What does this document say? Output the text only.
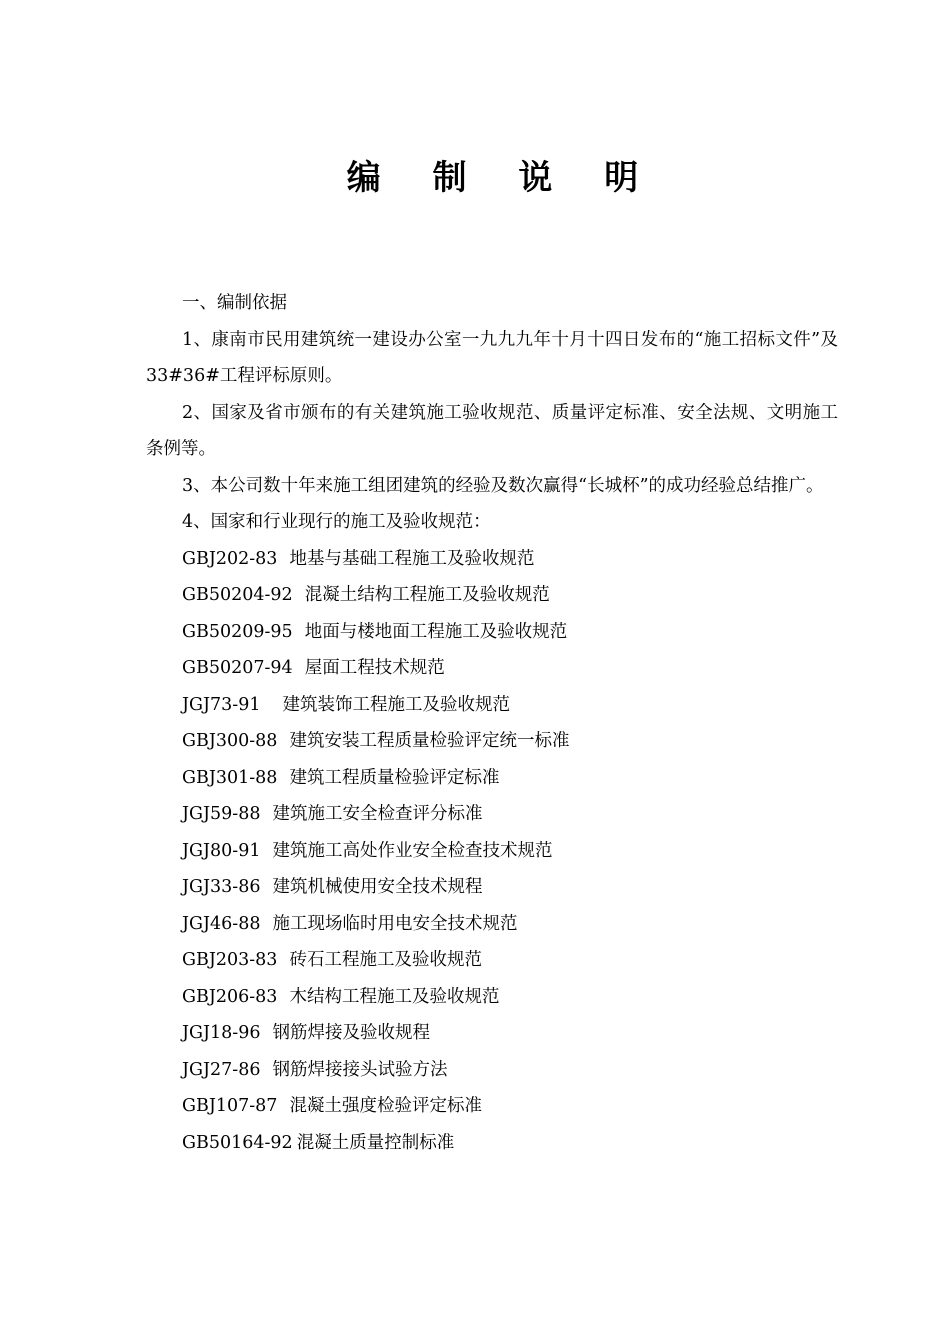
编 制 说 明

一、编制依据

1、康南市民用建筑统一建设办公室一九九九年十月十四日发布的“施工招标文件”及33#36#工程评标原则。

2、国家及省市颁布的有关建筑施工验收规范、质量评定标准、安全法规、文明施工条例等。

3、本公司数十年来施工组团建筑的经验及数次赢得“长城杯”的成功经验总结推广。

4、国家和行业现行的施工及验收规范：

GBJ202-83 地基与基础工程施工及验收规范
GB50204-92 混凝土结构工程施工及验收规范
GB50209-95 地面与楼地面工程施工及验收规范
GB50207-94 屋面工程技术规范
JGJ73-91 建筑装饰工程施工及验收规范
GBJ300-88 建筑安装工程质量检验评定统一标准
GBJ301-88 建筑工程质量检验评定标准
JGJ59-88 建筑施工安全检查评分标准
JGJ80-91 建筑施工高处作业安全检查技术规范
JGJ33-86 建筑机械使用安全技术规程
JGJ46-88 施工现场临时用电安全技术规范
GBJ203-83 砖石工程施工及验收规范
GBJ206-83 木结构工程施工及验收规范
JGJ18-96 钢筋焊接及验收规程
JGJ27-86 钢筋焊接接头试验方法
GBJ107-87 混凝土强度检验评定标准
GB50164-92 混凝土质量控制标准
